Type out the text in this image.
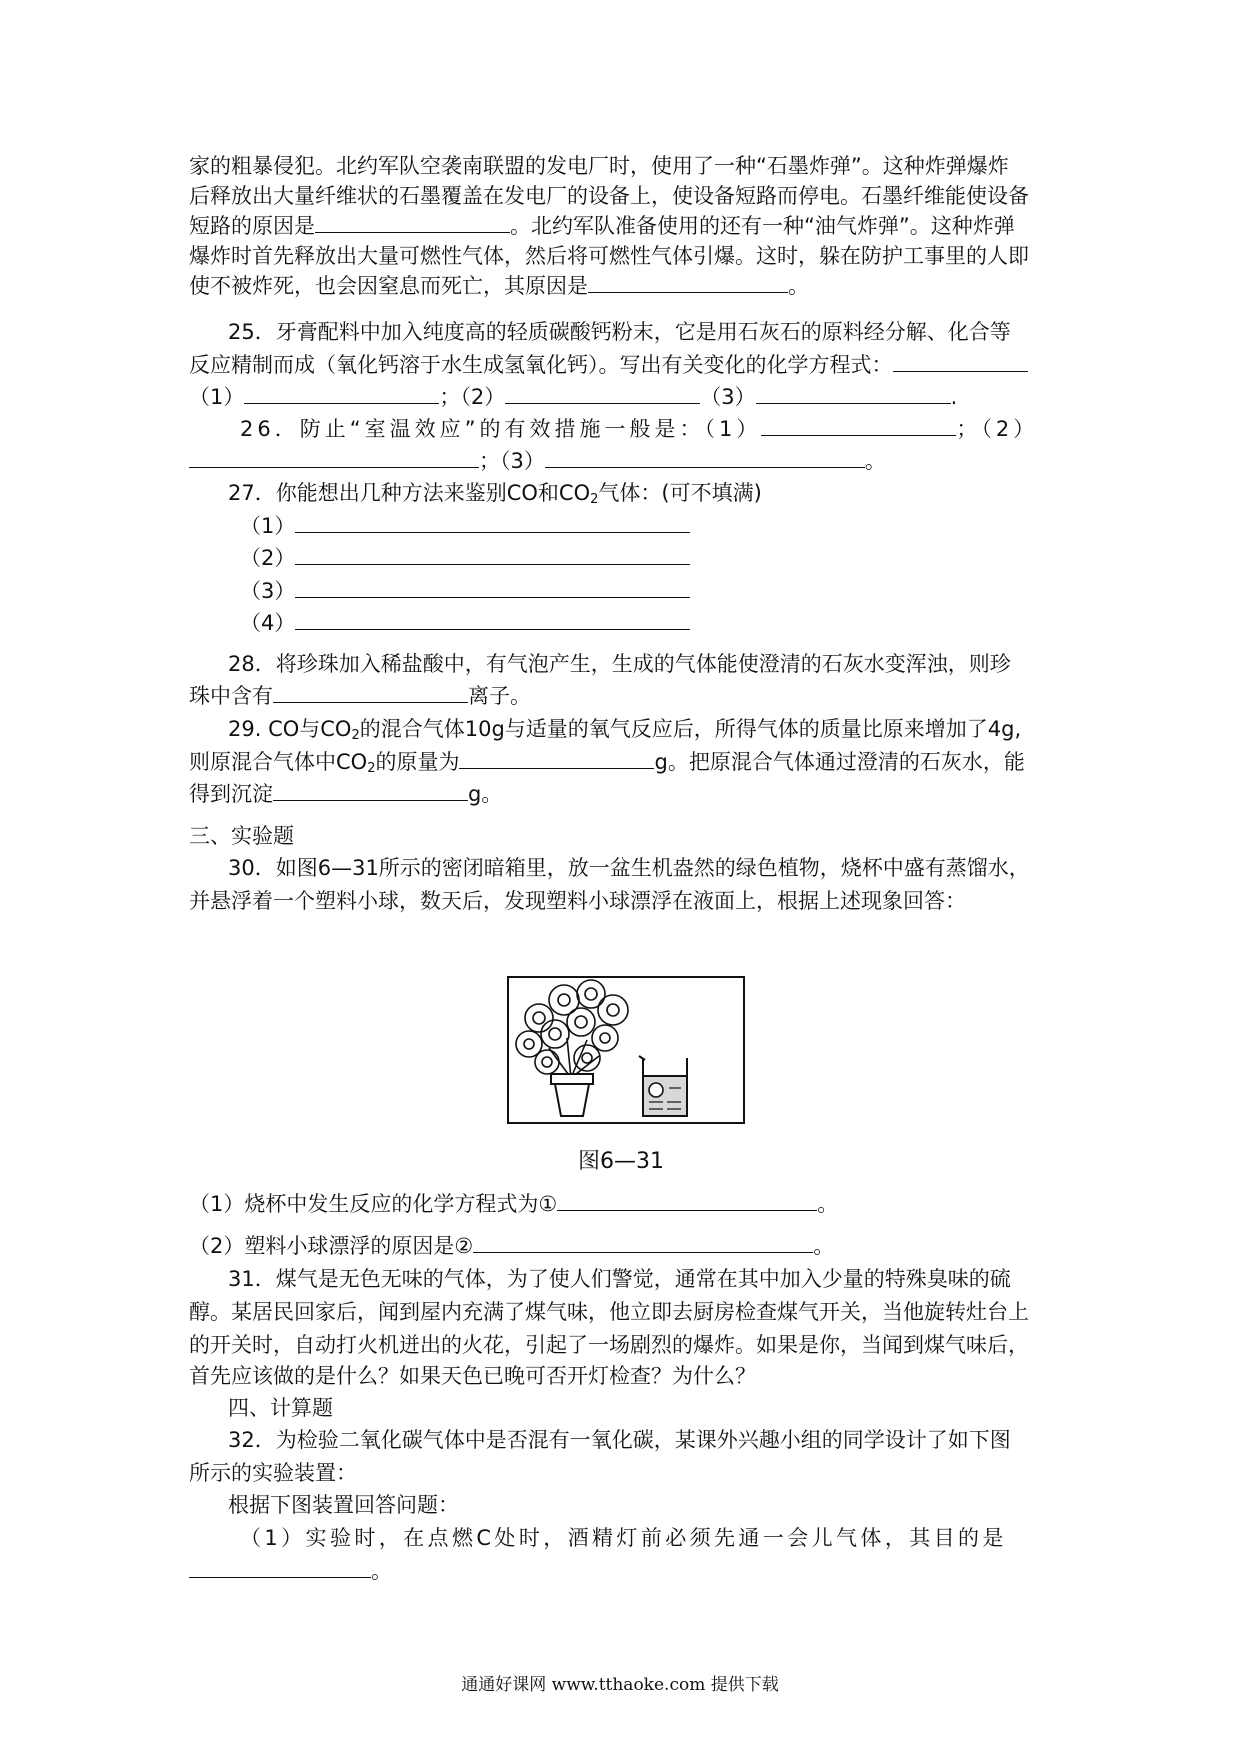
家的粗暴侵犯。北约军队空袭南联盟的发电厂时，使用了一种“石墨炸弹”。这种炸弹爆炸
后释放出大量纤维状的石墨覆盖在发电厂的设备上，使设备短路而停电。石墨纤维能使设备
短路的原因是	。北约军队准备使用的还有一种“油气炸弹”。这种炸弹
爆炸时首先释放出大量可燃性气体，然后将可燃性气体引爆。这时，躲在防护工事里的人即
使不被炸死，也会因窒息而死亡，其原因是	。
25．牙膏配料中加入纯度高的轻质碳酸钙粉末，它是用石灰石的原料经分解、化合等
反应精制而成（氧化钙溶于水生成氢氧化钙）。写出有关变化的化学方程式：
（1）	；（2）	（3）	.
26．防止“室温效应”的有效措施一般是：（1）	；（2）
；（3）	。
27．你能想出几种方法来鉴别CO和$CO_2$气体：(可不填满)
（1）
（2）
（3）
（4）
28．将珍珠加入稀盐酸中，有气泡产生，生成的气体能使澄清的石灰水变浑浊，则珍
珠中含有	离子。
29. CO与$CO_2$的混合气体10g与适量的氧气反应后，所得气体的质量比原来增加了4g,
则原混合气体中$CO_2$的原量为	g。把原混合气体通过澄清的石灰水，能
得到沉淀	g。
三、实验题
30．如图6—31所示的密闭暗箱里，放一盆生机盎然的绿色植物，烧杯中盛有蒸馏水，
并悬浮着一个塑料小球，数天后，发现塑料小球漂浮在液面上，根据上述现象回答：
图6—31
（1）烧杯中发生反应的化学方程式为①	。
（2）塑料小球漂浮的原因是②	。
31．煤气是无色无味的气体，为了使人们警觉，通常在其中加入少量的特殊臭味的硫
醇。某居民回家后，闻到屋内充满了煤气味，他立即去厨房检查煤气开关，当他旋转灶台上
的开关时，自动打火机迸出的火花，引起了一场剧烈的爆炸。如果是你，当闻到煤气味后，
首先应该做的是什么？如果天色已晚可否开灯检查？为什么？
四、计算题
32．为检验二氧化碳气体中是否混有一氧化碳，某课外兴趣小组的同学设计了如下图
所示的实验装置：
根据下图装置回答问题：
（1）实验时，在点燃C处时，酒精灯前必须先通一会儿气体，其目的是
。
通通好课网 www.tthaoke.com 提供下载
